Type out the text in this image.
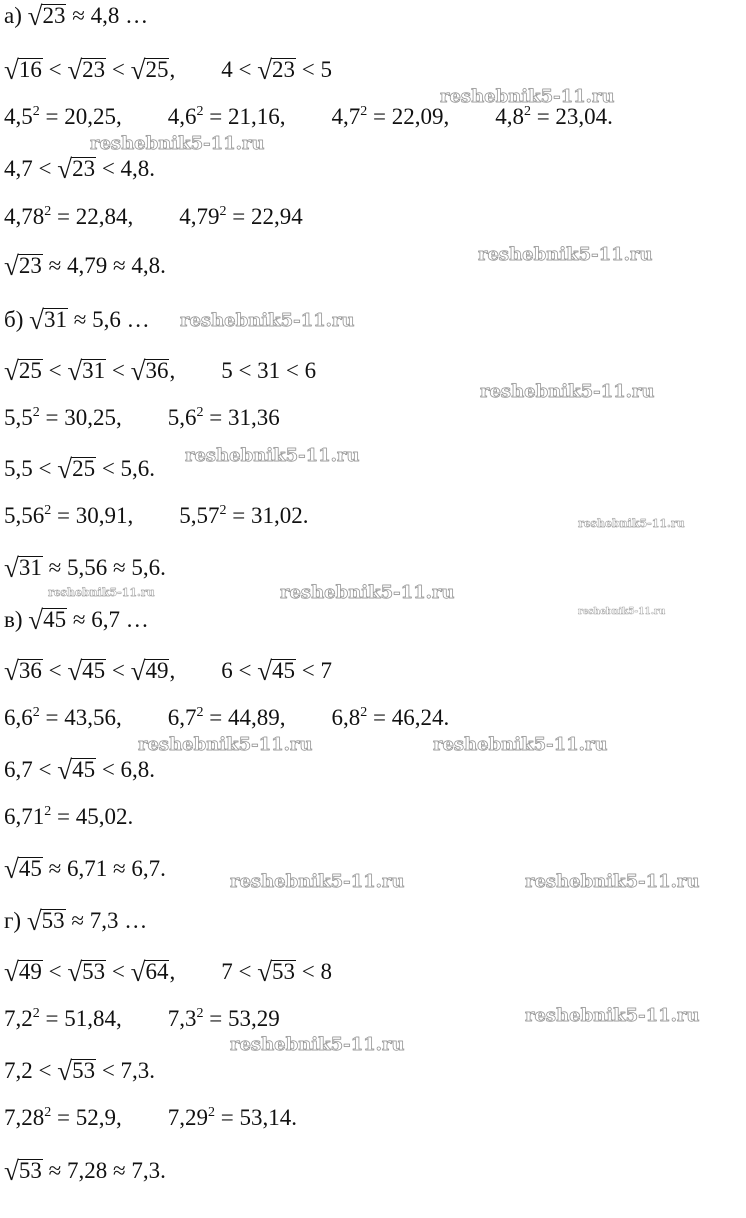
а) √23 ≈ 4,8 …
√16 < √23 < √25,        4 < √23 < 5
$4,5^2 = 20,25$,        $4,6^2 = 21,16$,        $4,7^2 = 22,09$,        $4,8^2 = 23,04$.
4,7 < √23 < 4,8.
$4,78^2 = 22,84$,        $4,79^2 = 22,94$
√23 ≈ 4,79 ≈ 4,8.
б) √31 ≈ 5,6 …
√25 < √31 < √36,        5 < 31 < 6
$5,5^2 = 30,25$,        $5,6^2 = 31,36$
5,5 < √25 < 5,6.
$5,56^2 = 30,91$,        $5,57^2 = 31,02$.
√31 ≈ 5,56 ≈ 5,6.
в) √45 ≈ 6,7 …
√36 < √45 < √49,        6 < √45 < 7
$6,6^2 = 43,56$,        $6,7^2 = 44,89$,        $6,8^2 = 46,24$.
6,7 < √45 < 6,8.
$6,71^2 = 45,02$.
√45 ≈ 6,71 ≈ 6,7.
г) √53 ≈ 7,3 …
√49 < √53 < √64,        7 < √53 < 8
$7,2^2 = 51,84$,        $7,3^2 = 53,29$
7,2 < √53 < 7,3.
$7,28^2 = 52,9$,        $7,29^2 = 53,14$.
√53 ≈ 7,28 ≈ 7,3.
reshebnik5-11.ru
reshebnik5-11.ru
reshebnik5-11.ru
reshebnik5-11.ru
reshebnik5-11.ru
reshebnik5-11.ru
reshebnik5-11.ru
reshebnik5-11.ru
reshebnik5-11.ru
reshebnik5-11.ru
reshebnik5-11.ru	reshebnik5-11.ru
reshebnik5-11.ru	reshebnik5-11.ru
reshebnik5-11.ru
reshebnik5-11.ru
